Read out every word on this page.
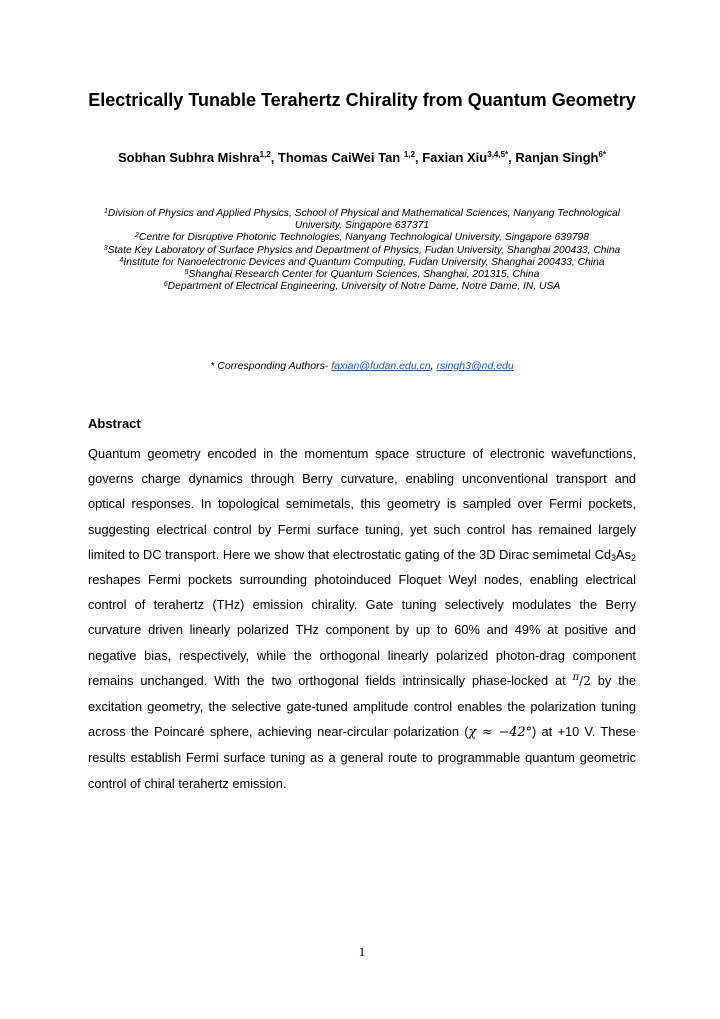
Electrically Tunable Terahertz Chirality from Quantum Geometry
Sobhan Subhra Mishra$^{1,2}$, Thomas CaiWei Tan $^{1,2}$, Faxian Xiu$^{3,4,5*}$, Ranjan Singh$^{6*}$
$^1$Division of Physics and Applied Physics, School of Physical and Mathematical Sciences, Nanyang Technological University, Singapore 637371
$^2$Centre for Disruptive Photonic Technologies, Nanyang Technological University, Singapore 639798
$^3$State Key Laboratory of Surface Physics and Department of Physics, Fudan University, Shanghai 200433, China
$^4$Institute for Nanoelectronic Devices and Quantum Computing, Fudan University, Shanghai 200433, China
$^5$Shanghai Research Center for Quantum Sciences, Shanghai, 201315, China
$^6$Department of Electrical Engineering, University of Notre Dame, Notre Dame, IN, USA
* Corresponding Authors- faxian@fudan.edu.cn, rsingh3@nd.edu
Abstract
Quantum geometry encoded in the momentum space structure of electronic wavefunctions, governs charge dynamics through Berry curvature, enabling unconventional transport and optical responses. In topological semimetals, this geometry is sampled over Fermi pockets, suggesting electrical control by Fermi surface tuning, yet such control has remained largely limited to DC transport. Here we show that electrostatic gating of the 3D Dirac semimetal $Cd_3As_2$ reshapes Fermi pockets surrounding photoinduced Floquet Weyl nodes, enabling electrical control of terahertz (THz) emission chirality. Gate tuning selectively modulates the Berry curvature driven linearly polarized THz component by up to 60% and 49% at positive and negative bias, respectively, while the orthogonal linearly polarized photon-drag component remains unchanged. With the two orthogonal fields intrinsically phase-locked at $^\pi$/2 by the excitation geometry, the selective gate-tuned amplitude control enables the polarization tuning across the Poincaré sphere, achieving near-circular polarization (χ ≈ −42°) at +10 V. These results establish Fermi surface tuning as a general route to programmable quantum geometric control of chiral terahertz emission.
1
